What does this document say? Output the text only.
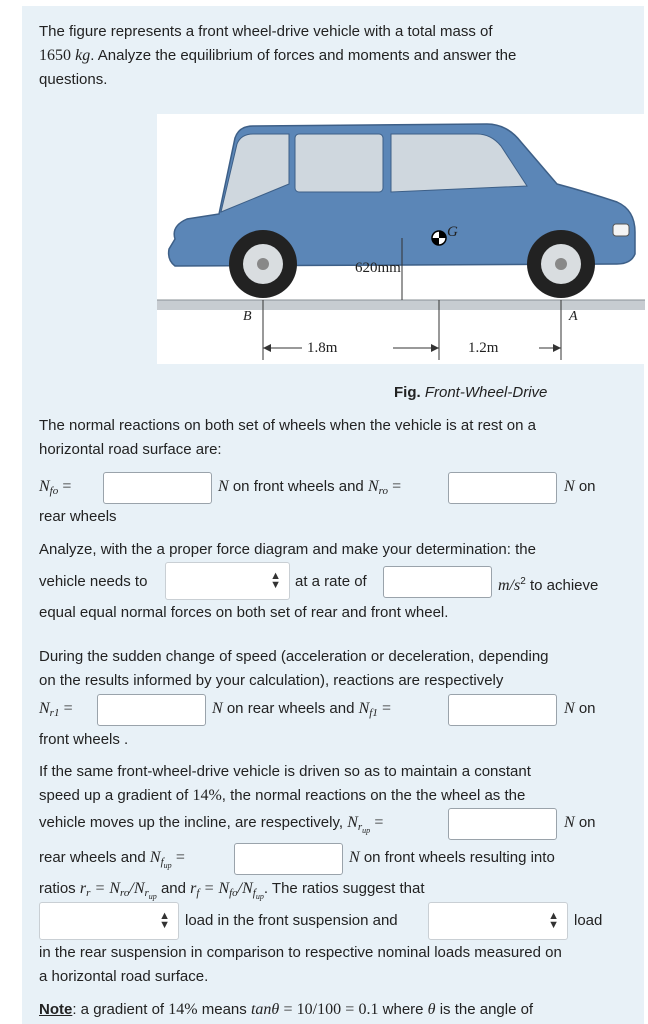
The figure represents a front wheel-drive vehicle with a total mass of
1650 kg. Analyze the equilibrium of forces and moments and answer the
questions.
G
620mm
B	A
1.8m	1.2m
Fig. Front-Wheel-Drive
The normal reactions on both set of wheels when the vehicle is at rest on a
horizontal road surface are:
$N_{fo}$ =	N on front wheels and $N_{ro}$ =	N on
rear wheels
Analyze, with the a proper force diagram and make your determination: the
vehicle needs to	▲
▼ at a rate of	$m/s^2$ to achieve
equal equal normal forces on both set of rear and front wheel.
During the sudden change of speed (acceleration or deceleration, depending
on the results informed by your calculation), reactions are respectively
$N_{r1}$ =	N on rear wheels and $N_{f1}$ =	N on
front wheels .
If the same front-wheel-drive vehicle is driven so as to maintain a constant
speed up a gradient of 14%, the normal reactions on the the wheel as the
vehicle moves up the incline, are respectively, $N_{rup}$ =	N on
rear wheels and $N_{fup}$ =	N on front wheels resulting into
ratios $r_r = N_{ro}/N_{rup}$ and $r_f = N_{fo}/N_{fup}$. The ratios suggest that
▲
▼ load in the front suspension and	▲
▼ load
in the rear suspension in comparison to respective nominal loads measured on
a horizontal road surface.
Note: a gradient of 14% means tanθ = 10/100 = 0.1 where θ is the angle of
